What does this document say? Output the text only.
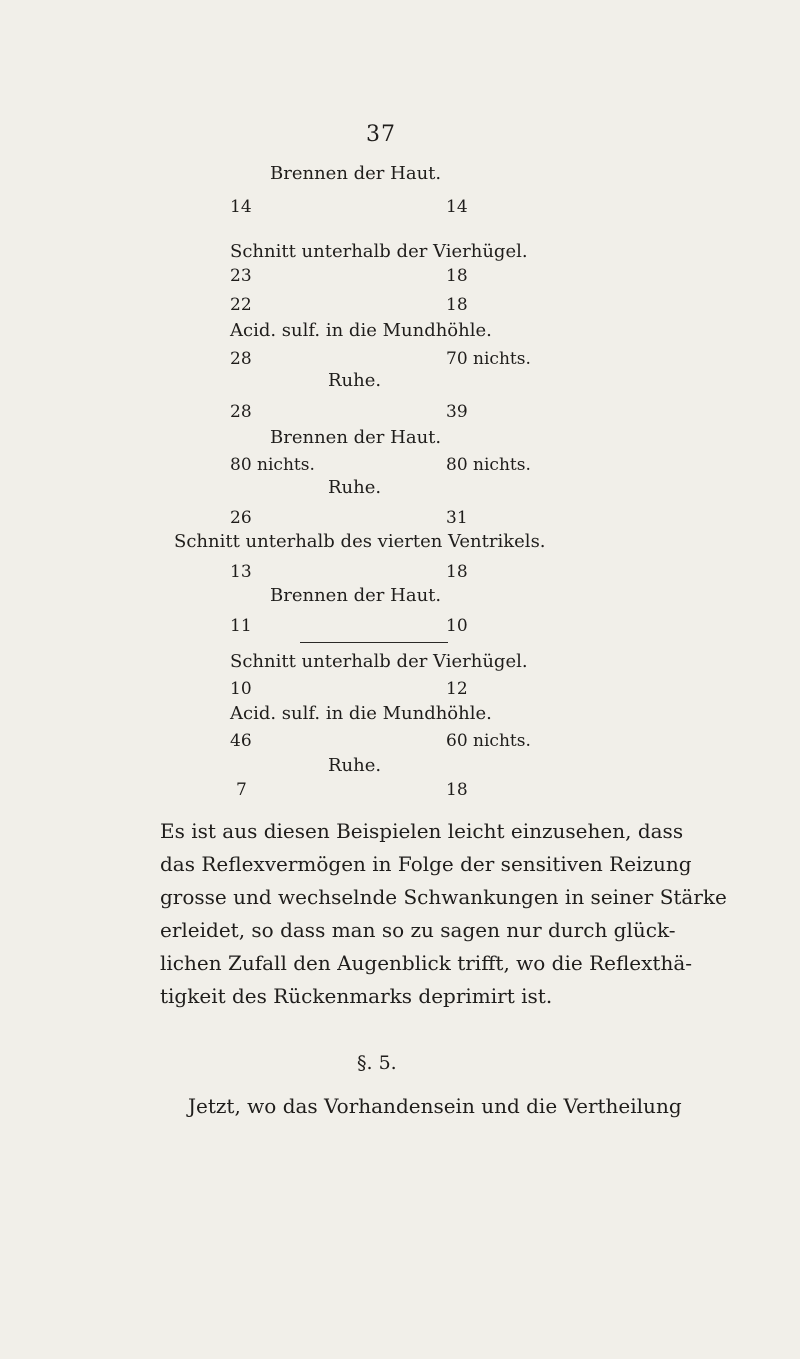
37
Brennen der Haut.
14	14
Schnitt unterhalb der Vierhügel.
23	18
22	18
Acid. sulf. in die Mundhöhle.
28	70 nichts.
Ruhe.
28	39
Brennen der Haut.
80 nichts.	80 nichts.
Ruhe.
26	31
Schnitt unterhalb des vierten Ventrikels.
13	18
Brennen der Haut.
11	10
Schnitt unterhalb der Vierhügel.
10	12
Acid. sulf. in die Mundhöhle.
46	60 nichts.
Ruhe.
7	18
Es ist aus diesen Beispielen leicht einzusehen, dass
das Reflexvermögen in Folge der sensitiven Reizung
grosse und wechselnde Schwankungen in seiner Stärke
erleidet, so dass man so zu sagen nur durch glück-
lichen Zufall den Augenblick trifft, wo die Reflexthä-
tigkeit des Rückenmarks deprimirt ist.
§. 5.
Jetzt, wo das Vorhandensein und die Vertheilung
